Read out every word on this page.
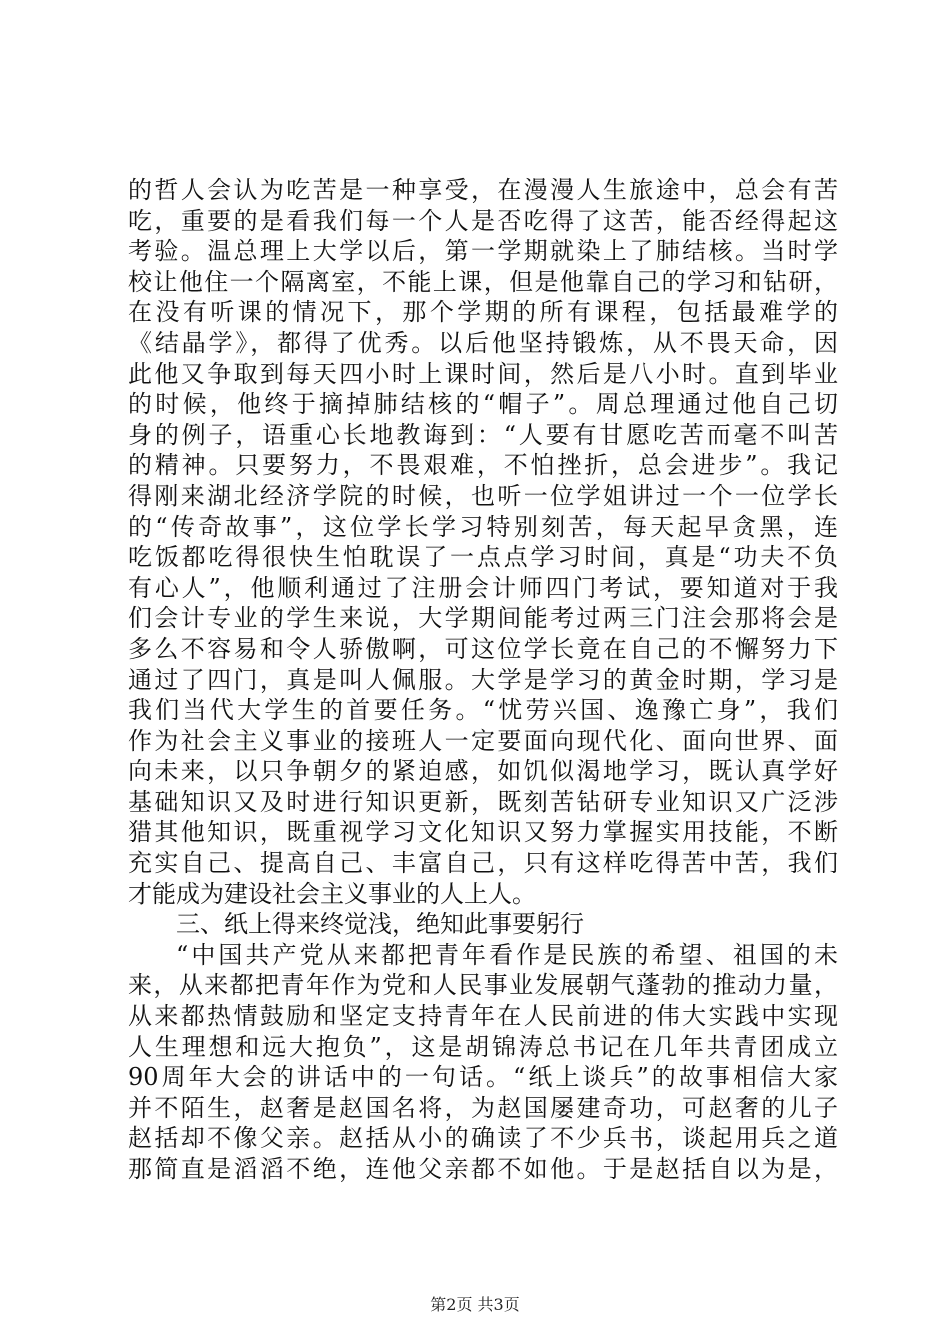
的哲人会认为吃苦是一种享受，在漫漫人生旅途中，总会有苦
吃，重要的是看我们每一个人是否吃得了这苦，能否经得起这
考验。温总理上大学以后，第一学期就染上了肺结核。当时学
校让他住一个隔离室，不能上课，但是他靠自己的学习和钻研，
在没有听课的情况下，那个学期的所有课程，包括最难学的
《结晶学》，都得了优秀。以后他坚持锻炼，从不畏天命，因
此他又争取到每天四小时上课时间，然后是八小时。直到毕业
的时候，他终于摘掉肺结核的“帽子”。周总理通过他自己切
身的例子，语重心长地教诲到：“人要有甘愿吃苦而毫不叫苦
的精神。只要努力，不畏艰难，不怕挫折，总会进步”。我记
得刚来湖北经济学院的时候，也听一位学姐讲过一个一位学长
的“传奇故事”，这位学长学习特别刻苦，每天起早贪黑，连
吃饭都吃得很快生怕耽误了一点点学习时间，真是“功夫不负
有心人”，他顺利通过了注册会计师四门考试，要知道对于我
们会计专业的学生来说，大学期间能考过两三门注会那将会是
多么不容易和令人骄傲啊，可这位学长竟在自己的不懈努力下
通过了四门，真是叫人佩服。大学是学习的黄金时期，学习是
我们当代大学生的首要任务。“忧劳兴国、逸豫亡身”，我们
作为社会主义事业的接班人一定要面向现代化、面向世界、面
向未来，以只争朝夕的紧迫感，如饥似渴地学习，既认真学好
基础知识又及时进行知识更新，既刻苦钻研专业知识又广泛涉
猎其他知识，既重视学习文化知识又努力掌握实用技能，不断
充实自己、提高自己、丰富自己，只有这样吃得苦中苦，我们
才能成为建设社会主义事业的人上人。
三、纸上得来终觉浅，绝知此事要躬行
“中国共产党从来都把青年看作是民族的希望、祖国的未
来，从来都把青年作为党和人民事业发展朝气蓬勃的推动力量，
从来都热情鼓励和坚定支持青年在人民前进的伟大实践中实现
人生理想和远大抱负”，这是胡锦涛总书记在几年共青团成立
90周年大会的讲话中的一句话。“纸上谈兵”的故事相信大家
并不陌生，赵奢是赵国名将，为赵国屡建奇功，可赵奢的儿子
赵括却不像父亲。赵括从小的确读了不少兵书，谈起用兵之道
那简直是滔滔不绝，连他父亲都不如他。于是赵括自以为是，
第2页 共3页
